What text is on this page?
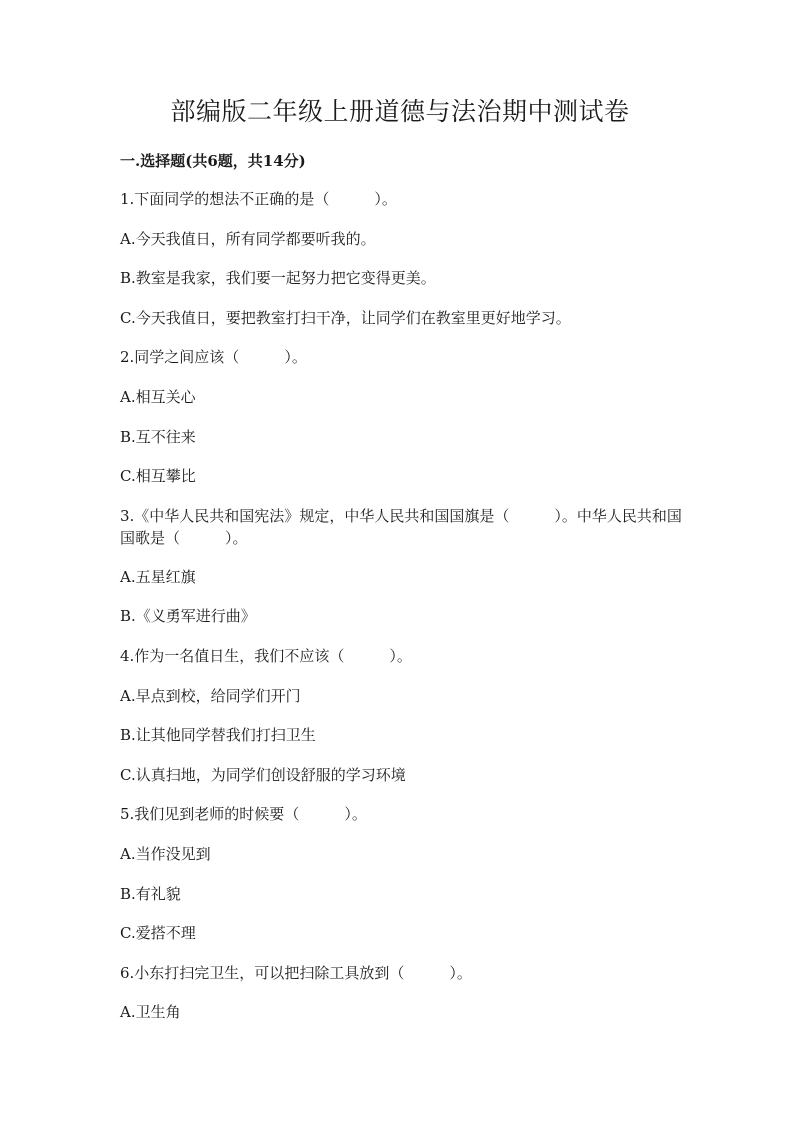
部编版二年级上册道德与法治期中测试卷
一.选择题(共6题，共14分)
1.下面同学的想法不正确的是（　　　）。
A.今天我值日，所有同学都要听我的。
B.教室是我家，我们要一起努力把它变得更美。
C.今天我值日，要把教室打扫干净，让同学们在教室里更好地学习。
2.同学之间应该（　　　）。
A.相互关心
B.互不往来
C.相互攀比
3.《中华人民共和国宪法》规定，中华人民共和国国旗是（　　　）。中华人民共和国国歌是（　　　）。
A.五星红旗
B.《义勇军进行曲》
4.作为一名值日生，我们不应该（　　　）。
A.早点到校，给同学们开门
B.让其他同学替我们打扫卫生
C.认真扫地，为同学们创设舒服的学习环境
5.我们见到老师的时候要（　　　）。
A.当作没见到
B.有礼貌
C.爱搭不理
6.小东打扫完卫生，可以把扫除工具放到（　　　）。
A.卫生角
